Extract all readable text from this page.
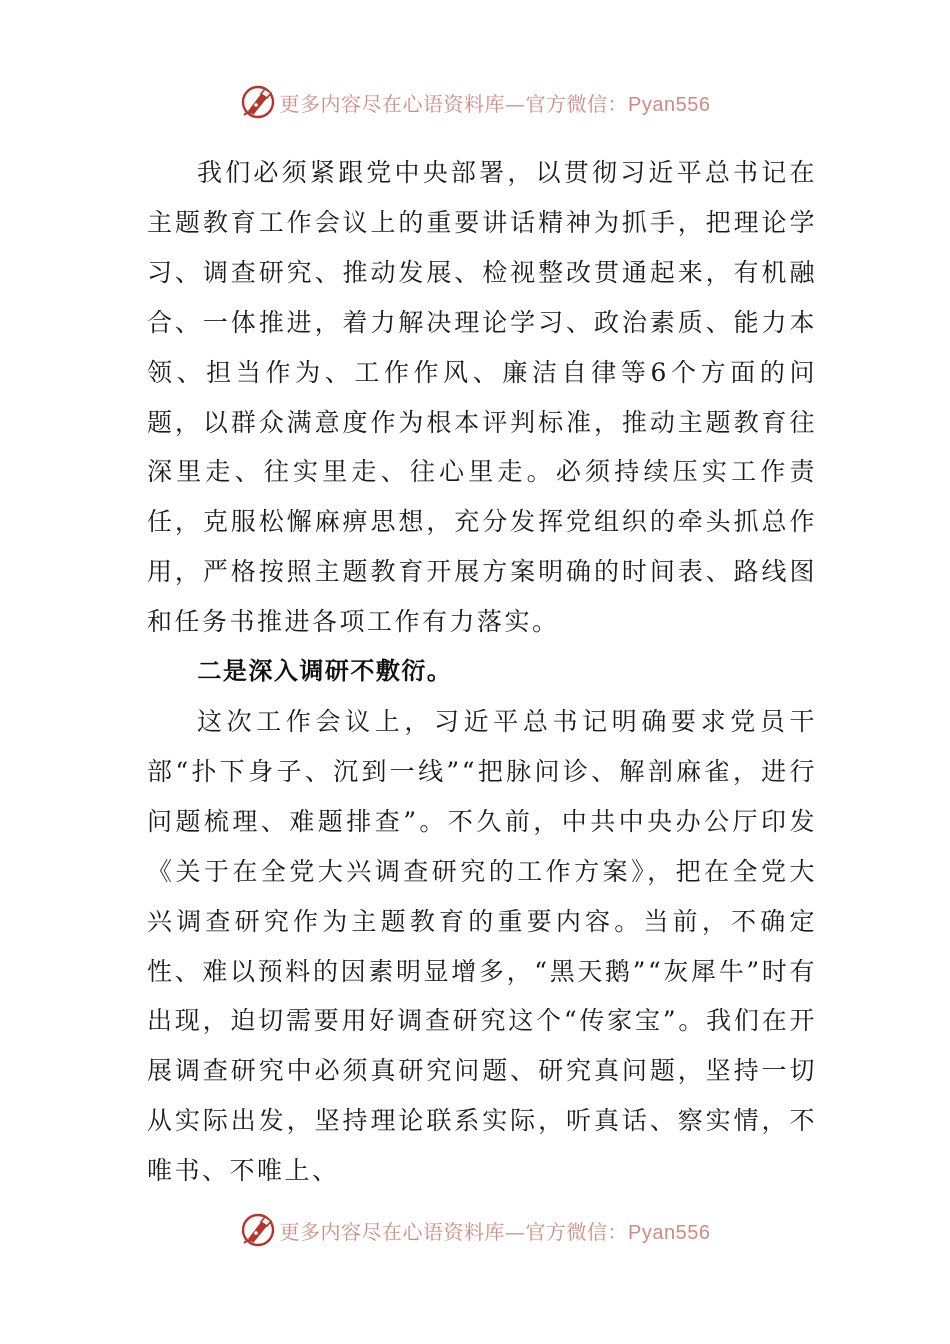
更多内容尽在心语资料库—官方微信：Pyan556

我们必须紧跟党中央部署，以贯彻习近平总书记在主题教育工作会议上的重要讲话精神为抓手，把理论学习、调查研究、推动发展、检视整改贯通起来，有机融合、一体推进，着力解决理论学习、政治素质、能力本领、担当作为、工作作风、廉洁自律等6个方面的问题，以群众满意度作为根本评判标准，推动主题教育往深里走、往实里走、往心里走。必须持续压实工作责任，克服松懈麻痹思想，充分发挥党组织的牵头抓总作用，严格按照主题教育开展方案明确的时间表、路线图和任务书推进各项工作有力落实。

二是深入调研不敷衍。

这次工作会议上，习近平总书记明确要求党员干部“扑下身子、沉到一线”“把脉问诊、解剖麻雀，进行问题梳理、难题排查”。不久前，中共中央办公厅印发《关于在全党大兴调查研究的工作方案》，把在全党大兴调查研究作为主题教育的重要内容。当前，不确定性、难以预料的因素明显增多，“黑天鹅”“灰犀牛”时有出现，迫切需要用好调查研究这个“传家宝”。我们在开展调查研究中必须真研究问题、研究真问题，坚持一切从实际出发，坚持理论联系实际，听真话、察实情，不唯书、不唯上、

更多内容尽在心语资料库—官方微信：Pyan556
